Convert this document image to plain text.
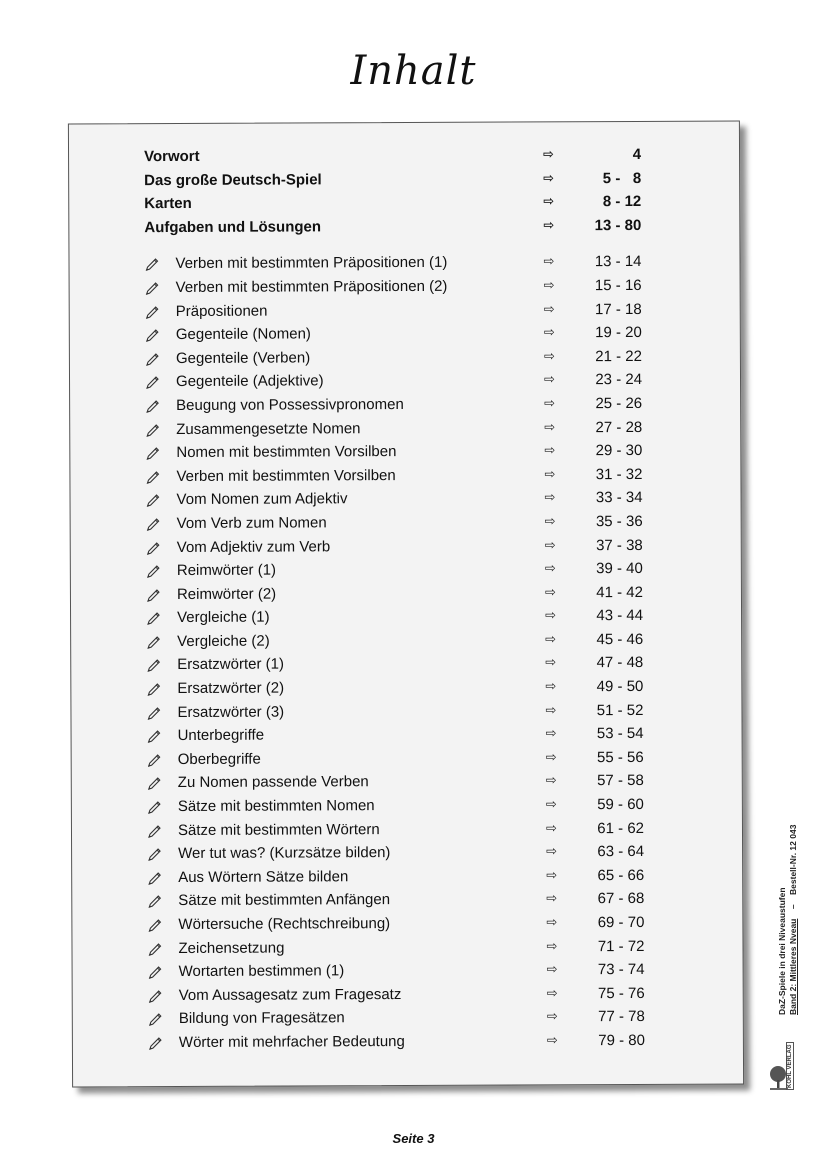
Inhalt
Vorwort	⇨	4
Das große Deutsch-Spiel	⇨	5 -   8
Karten	⇨	8 - 12
Aufgaben und Lösungen	⇨	13 - 80
Verben mit bestimmten Präpositionen (1)	⇨	13 - 14
Verben mit bestimmten Präpositionen (2)	⇨	15 - 16
Präpositionen	⇨	17 - 18
Gegenteile (Nomen)	⇨	19 - 20
Gegenteile (Verben)	⇨	21 - 22
Gegenteile (Adjektive)	⇨	23 - 24
Beugung von Possessivpronomen	⇨	25 - 26
Zusammengesetzte Nomen	⇨	27 - 28
Nomen mit bestimmten Vorsilben	⇨	29 - 30
Verben mit bestimmten Vorsilben	⇨	31 - 32
Vom Nomen zum Adjektiv	⇨	33 - 34
Vom Verb zum Nomen	⇨	35 - 36
Vom Adjektiv zum Verb	⇨	37 - 38
Reimwörter (1)	⇨	39 - 40
Reimwörter (2)	⇨	41 - 42
Vergleiche (1)	⇨	43 - 44
Vergleiche (2)	⇨	45 - 46
Ersatzwörter (1)	⇨	47 - 48
Ersatzwörter (2)	⇨	49 - 50
Ersatzwörter (3)	⇨	51 - 52
Unterbegriffe	⇨	53 - 54
Oberbegriffe	⇨	55 - 56
Zu Nomen passende Verben	⇨	57 - 58
Sätze mit bestimmten Nomen	⇨	59 - 60
Sätze mit bestimmten Wörtern	⇨	61 - 62
Wer tut was? (Kurzsätze bilden)	⇨	63 - 64
Aus Wörtern Sätze bilden	⇨	65 - 66
Sätze mit bestimmten Anfängen	⇨	67 - 68
Wörtersuche (Rechtschreibung)	⇨	69 - 70
Zeichensetzung	⇨	71 - 72
Wortarten bestimmen (1)	⇨	73 - 74
Vom Aussagesatz zum Fragesatz	⇨	75 - 76
Bildung von Fragesätzen	⇨	77 - 78
Wörter mit mehrfacher Bedeutung	⇨	79 - 80
DaZ-Spiele in drei Niveaustufen Band 2: Mittleres Nveau    –    Bestell-Nr. 12 043
KOHL VERLAG
Seite 3
